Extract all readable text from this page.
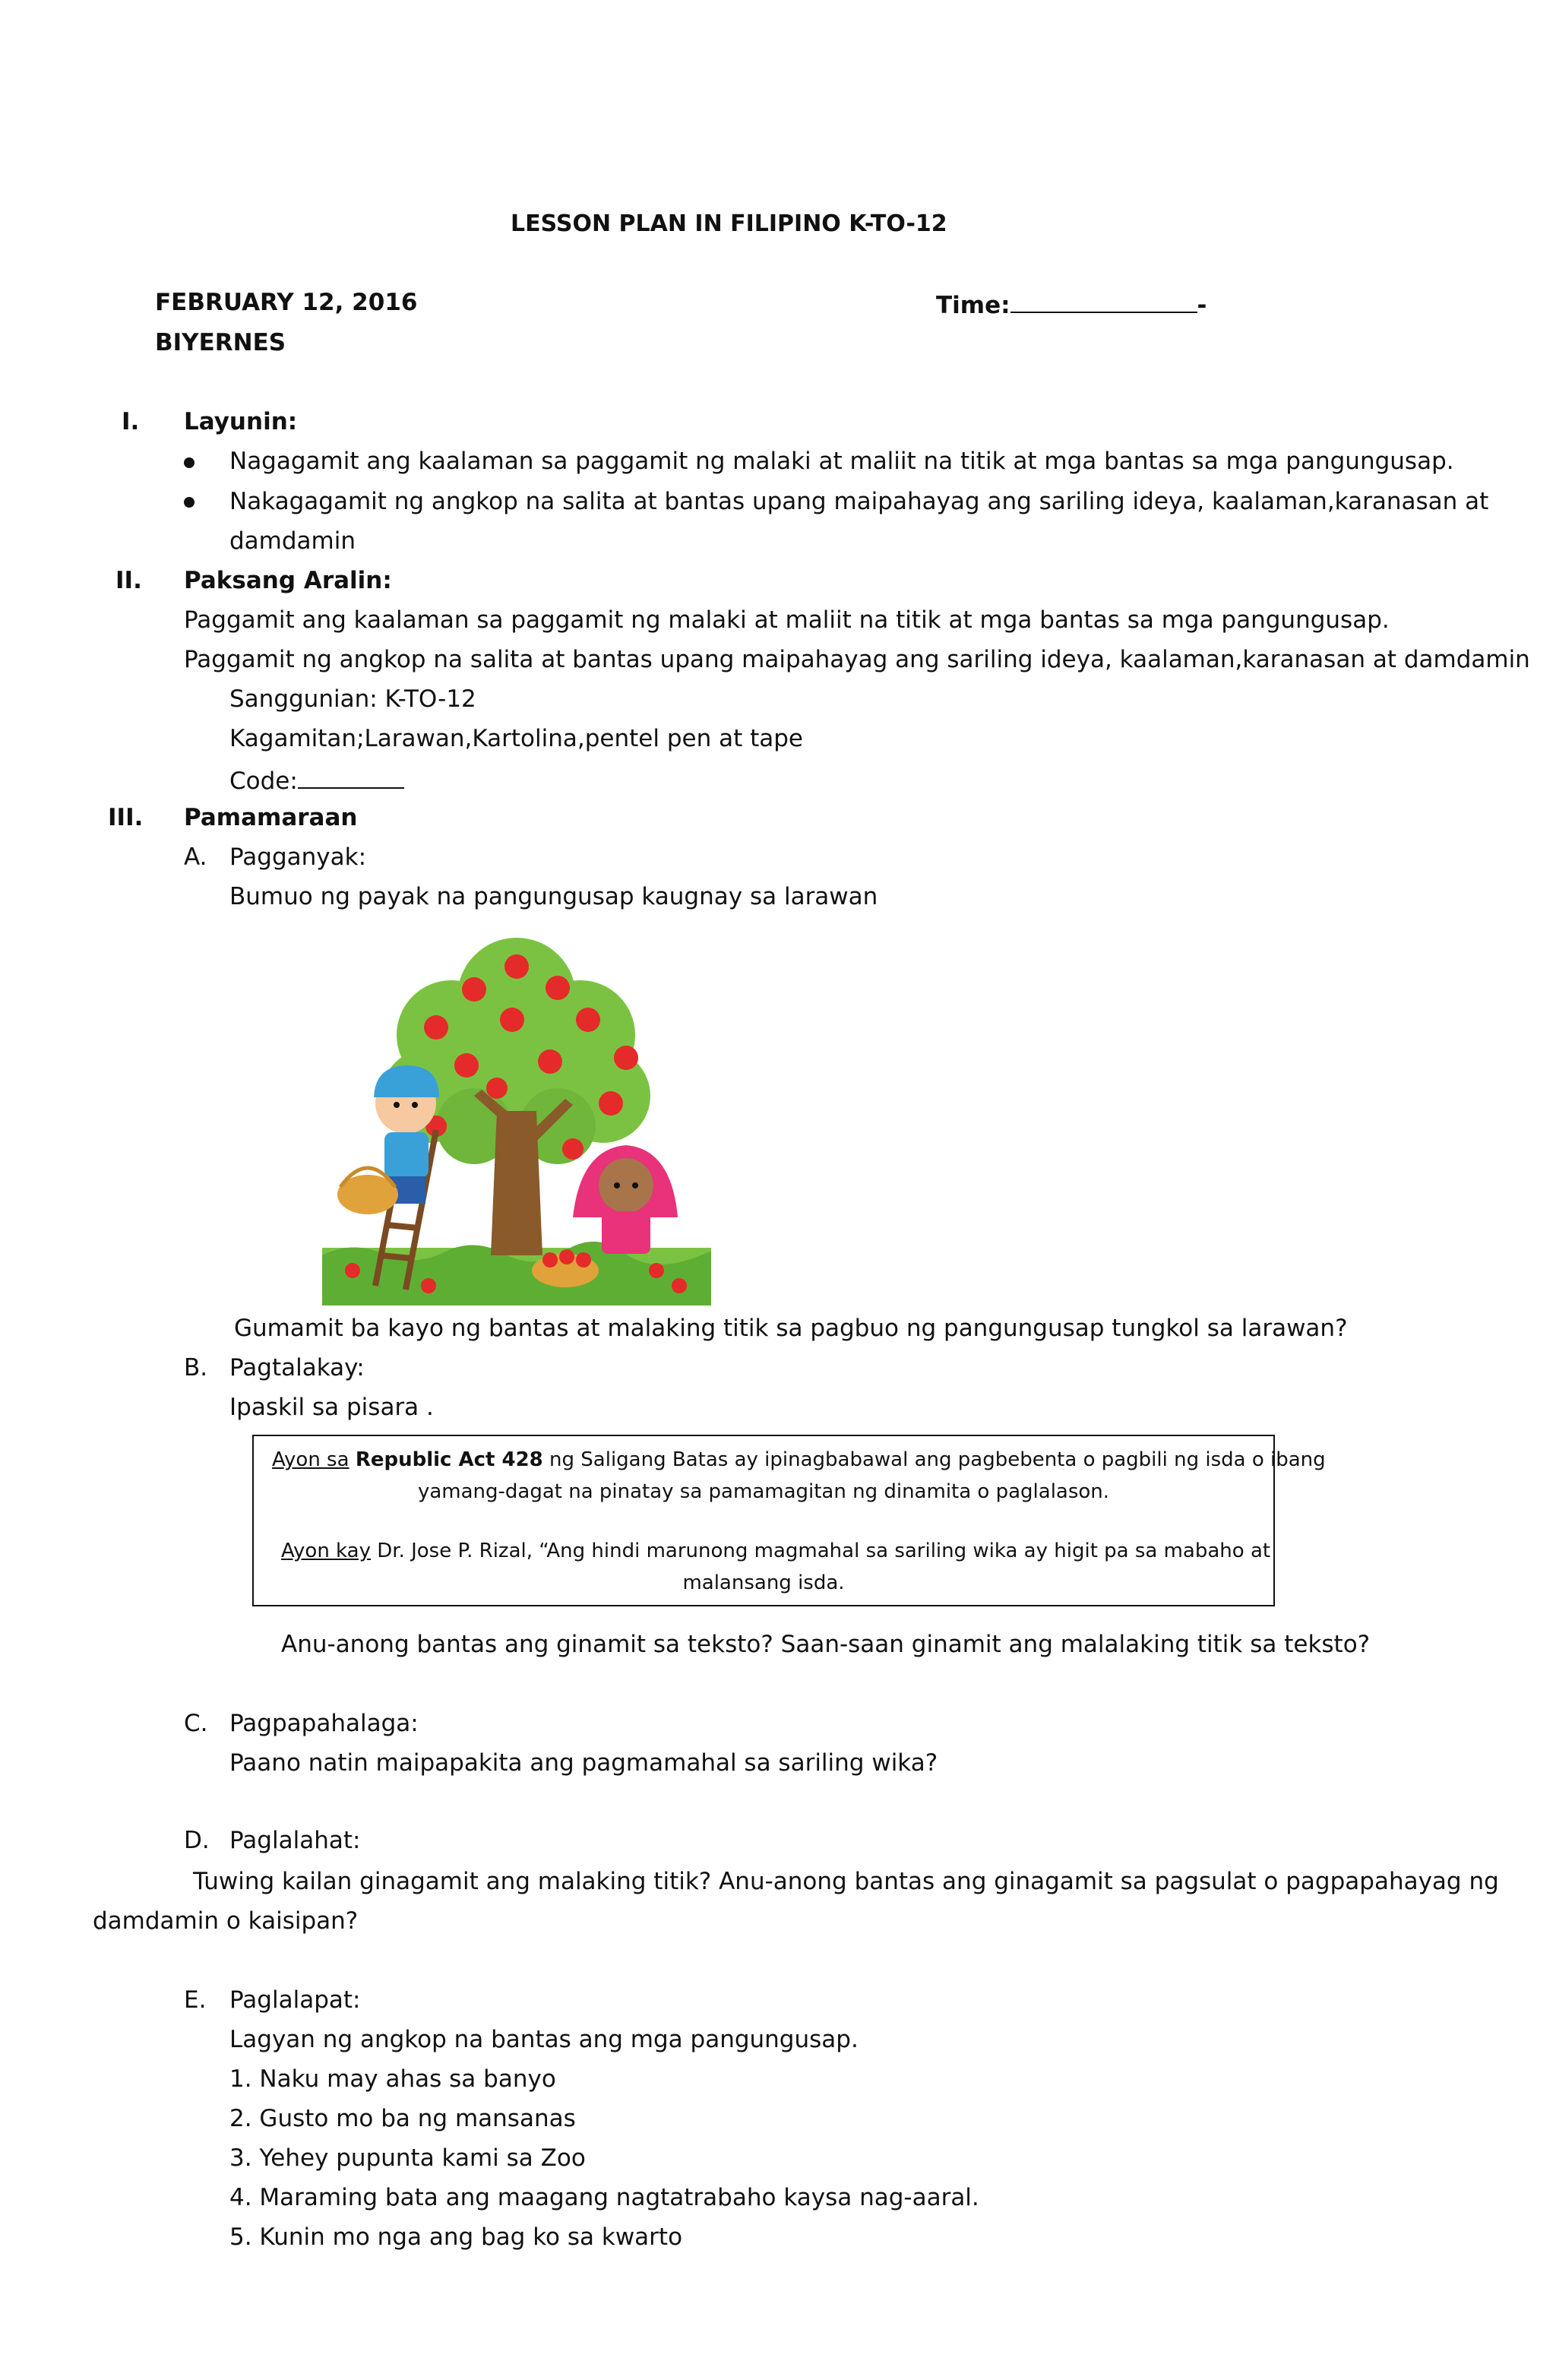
LESSON PLAN IN FILIPINO K-TO-12
FEBRUARY 12, 2016	Time:	-
BIYERNES
I. Layunin:
Nagagamit ang kaalaman sa paggamit ng malaki at maliit na titik at mga bantas sa mga pangungusap.
Nakagagamit ng angkop na salita at bantas upang maipahayag ang sariling ideya, kaalaman,karanasan at
damdamin
II. Paksang Aralin:
Paggamit ang kaalaman sa paggamit ng malaki at maliit na titik at mga bantas sa mga pangungusap.
Paggamit ng angkop na salita at bantas upang maipahayag ang sariling ideya, kaalaman,karanasan at damdamin
Sanggunian: K-TO-12
Kagamitan;Larawan,Kartolina,pentel pen at tape
Code:
III. Pamamaraan
A. Pagganyak:
Bumuo ng payak na pangungusap kaugnay sa larawan
Gumamit ba kayo ng bantas at malaking titik sa pagbuo ng pangungusap tungkol sa larawan?
B. Pagtalakay:
Ipaskil sa pisara .
Ayon sa Republic Act 428 ng Saligang Batas ay ipinagbabawal ang pagbebenta o pagbili ng isda o ibang
yamang-dagat na pinatay sa pamamagitan ng dinamita o paglalason.
Ayon kay Dr. Jose P. Rizal, “Ang hindi marunong magmahal sa sariling wika ay higit pa sa mabaho at
malansang isda.
Anu-anong bantas ang ginamit sa teksto? Saan-saan ginamit ang malalaking titik sa teksto?
C. Pagpapahalaga:
Paano natin maipapakita ang pagmamahal sa sariling wika?
D. Paglalahat:
Tuwing kailan ginagamit ang malaking titik? Anu-anong bantas ang ginagamit sa pagsulat o pagpapahayag ng
damdamin o kaisipan?
E. Paglalapat:
Lagyan ng angkop na bantas ang mga pangungusap.
1. Naku may ahas sa banyo
2. Gusto mo ba ng mansanas
3. Yehey pupunta kami sa Zoo
4. Maraming bata ang maagang nagtatrabaho kaysa nag-aaral.
5. Kunin mo nga ang bag ko sa kwarto
